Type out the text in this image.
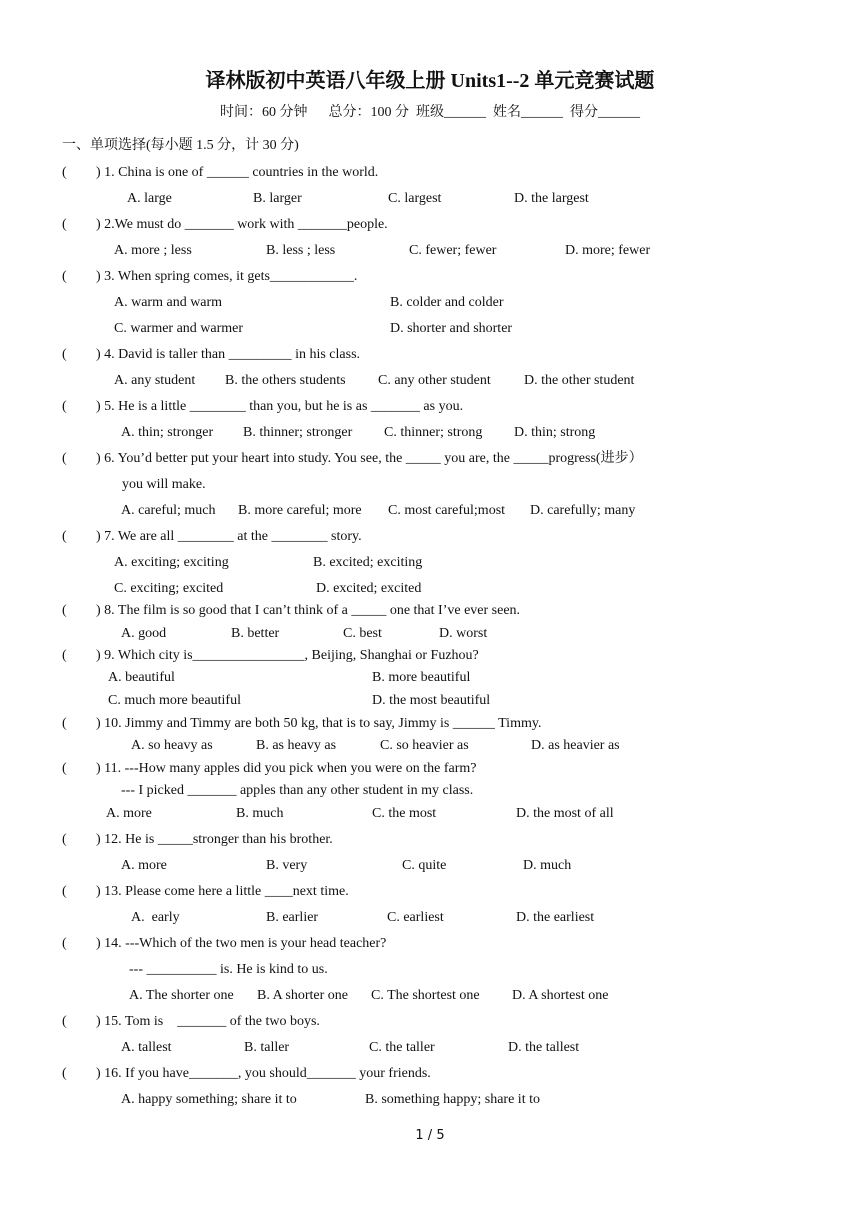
译林版初中英语八年级上册 Units1--2 单元竞赛试题
时间：60 分钟      总分：100 分  班级______  姓名______  得分______
一、单项选择(每小题 1.5 分，计 30 分)
( ) 1. China is one of ______ countries in the world.
A. large	B. larger	C. largest	D. the largest
( ) 2.We must do _______ work with _______people.
A. more ; less	B. less ; less	C. fewer; fewer	D. more; fewer
( ) 3. When spring comes, it gets____________.
A. warm and warm	B. colder and colder
C. warmer and warmer	D. shorter and shorter
( ) 4. David is taller than _________ in his class.
A. any student B. the others students C. any other student D. the other student
( ) 5. He is a little ________ than you, but he is as _______ as you.
A. thin; stronger B. thinner; stronger C. thinner; strong D. thin; strong
( ) 6. You’d better put your heart into study. You see, the _____ you are, the _____progress(进步）
you will make.
A. careful; much B. more careful; more C. most careful;most D. carefully; many
( ) 7. We are all ________ at the ________ story.
A. exciting; exciting	B. excited; exciting
C. exciting; excited	D. excited; excited
( ) 8. The film is so good that I can’t think of a _____ one that I’ve ever seen.
A. good	B. better	C. best	D. worst
( ) 9. Which city is________________, Beijing, Shanghai or Fuzhou?
A. beautiful	B. more beautiful
C. much more beautiful	D. the most beautiful
( ) 10. Jimmy and Timmy are both 50 kg, that is to say, Jimmy is ______ Timmy.
A. so heavy as	B. as heavy as	C. so heavier as	D. as heavier as
( ) 11. ---How many apples did you pick when you were on the farm?
--- I picked _______ apples than any other student in my class.
A. more	B. much	C. the most	D. the most of all
( ) 12. He is _____stronger than his brother.
A. more	B. very	C. quite	D. much
( ) 13. Please come here a little ____next time.
A.  early	B. earlier	C. earliest	D. the earliest
( ) 14. ---Which of the two men is your head teacher?
--- __________ is. He is kind to us.
A. The shorter one B. A shorter one C. The shortest one D. A shortest one
( ) 15. Tom is    _______ of the two boys.
A. tallest	B. taller	C. the taller	D. the tallest
( ) 16. If you have_______, you should_______ your friends.
A. happy something; share it to	B. something happy; share it to
1 / 5
